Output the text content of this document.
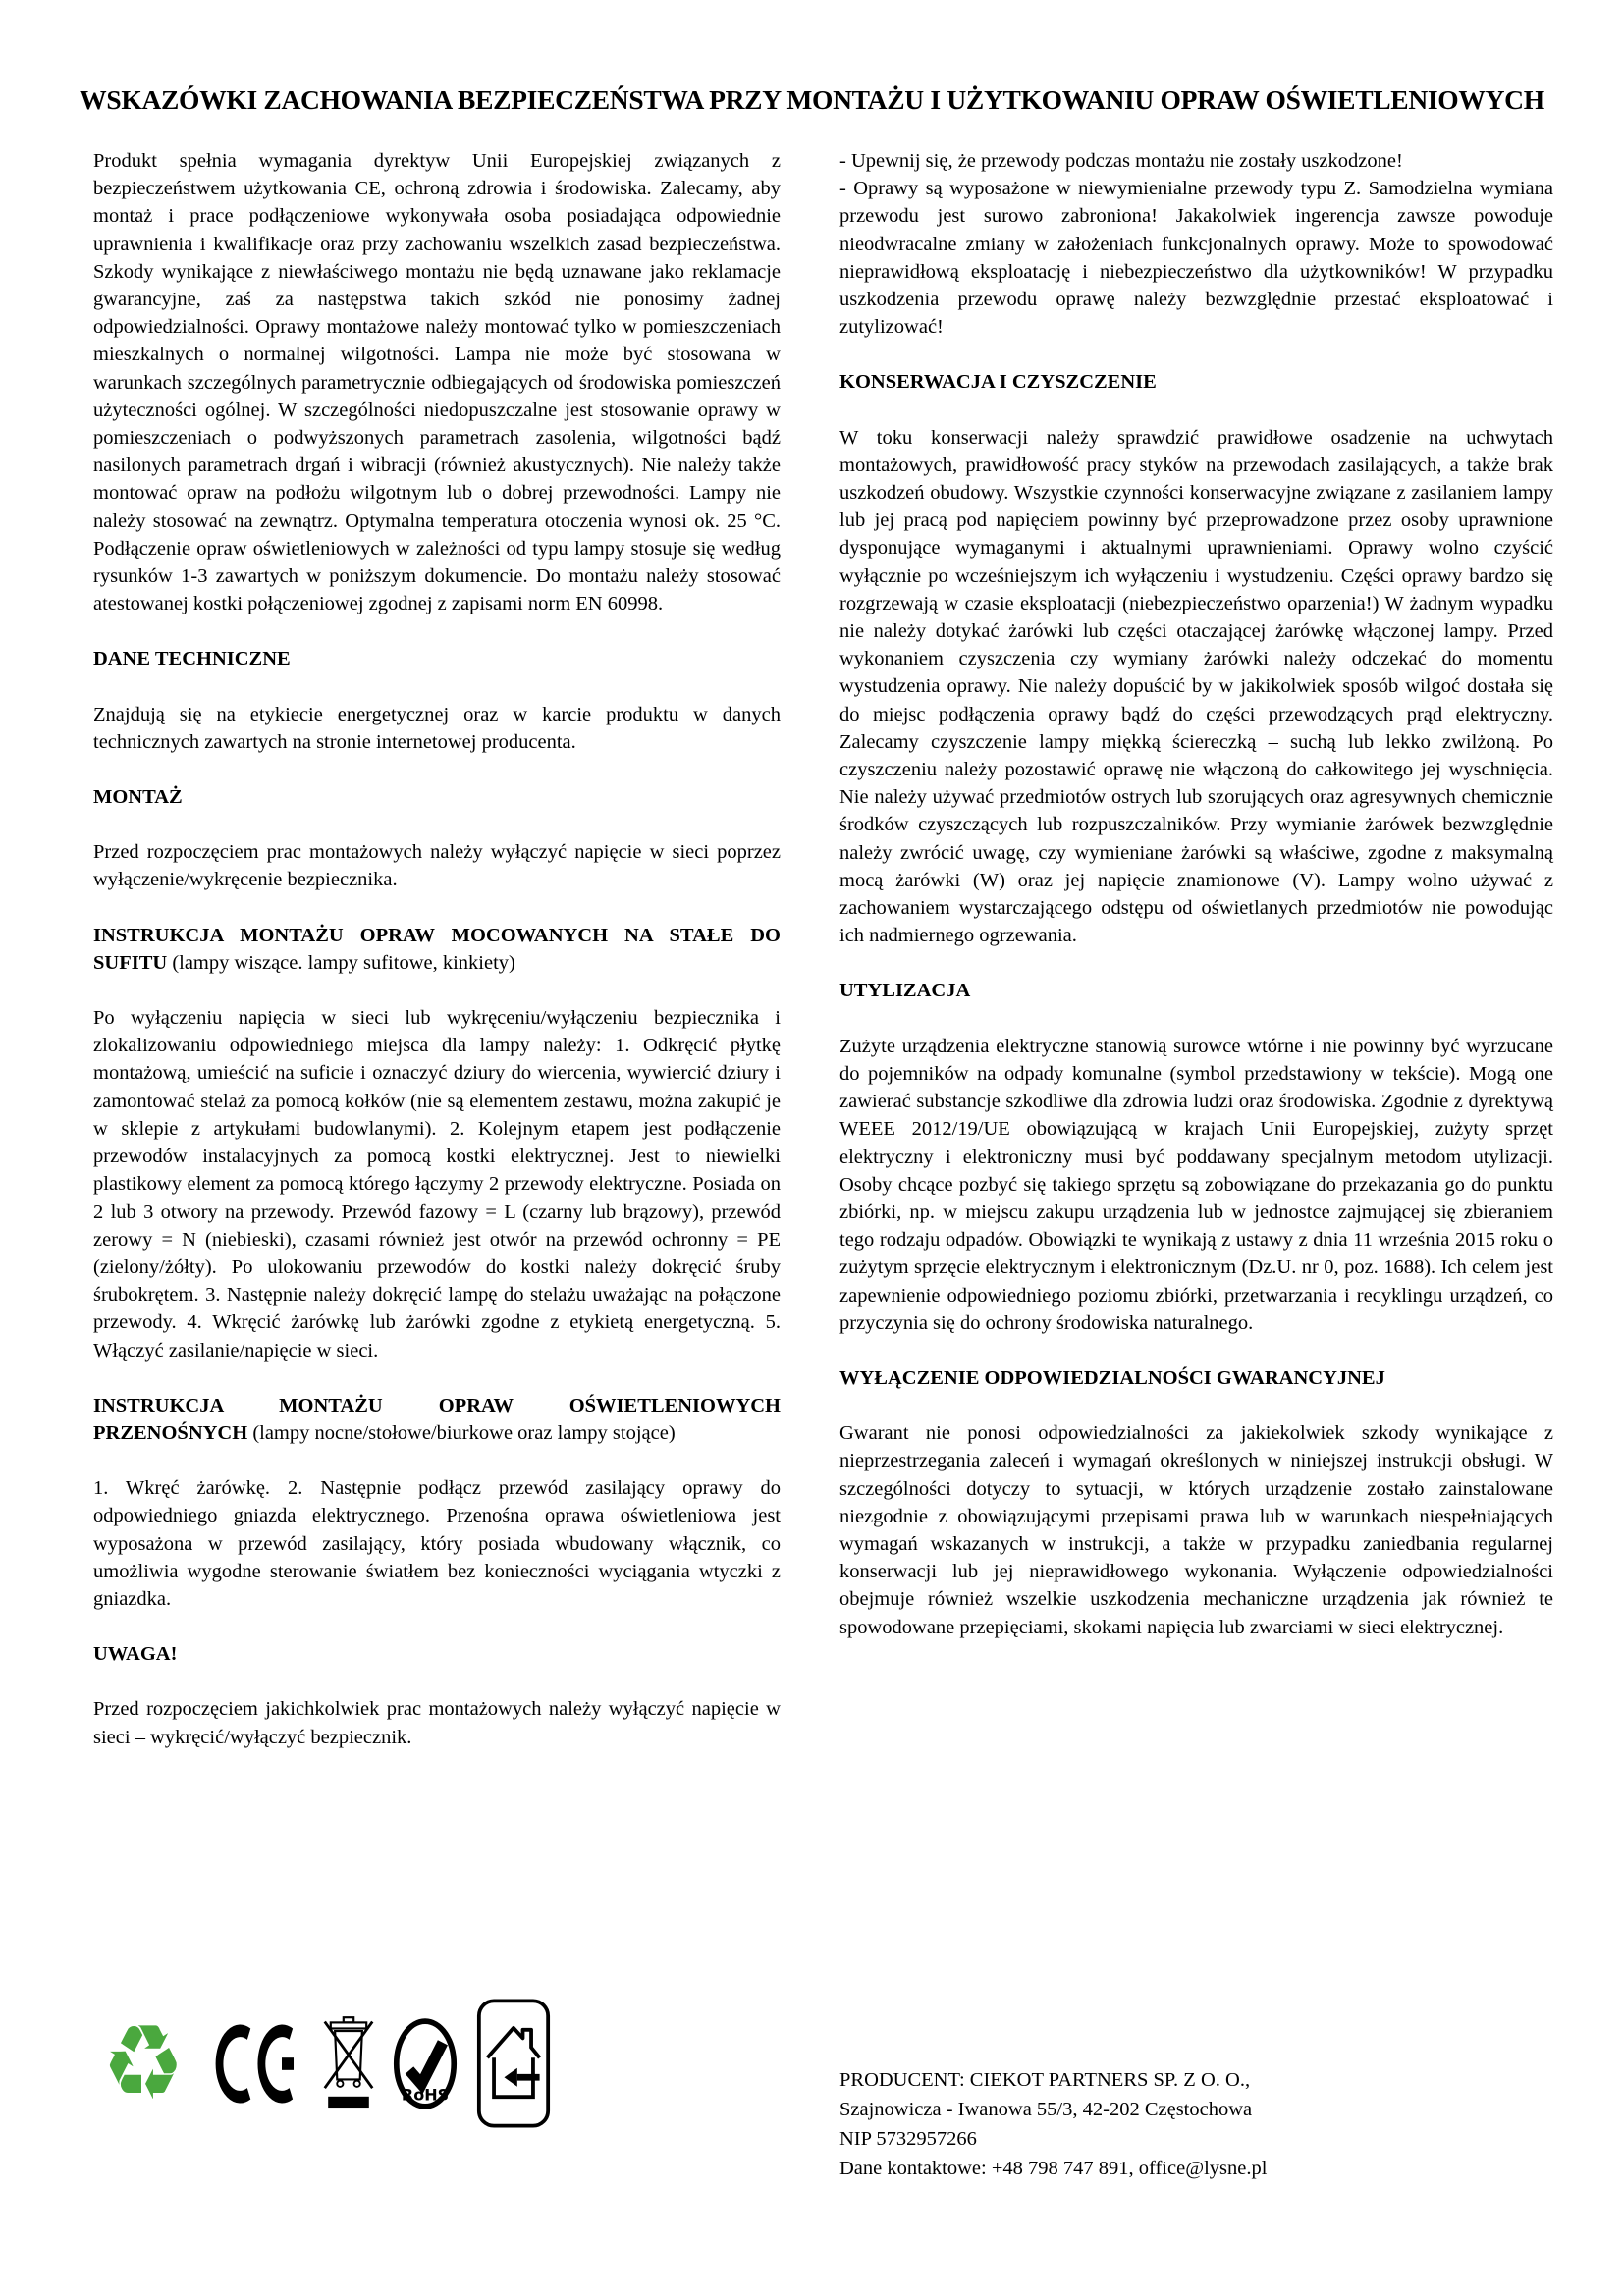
WSKAZÓWKI ZACHOWANIA BEZPIECZEŃSTWA PRZY MONTAŻU I UŻYTKOWANIU OPRAW OŚWIETLENIOWYCH

Produkt spełnia wymagania dyrektyw Unii Europejskiej związanych z bezpieczeństwem użytkowania CE, ochroną zdrowia i środowiska. Zalecamy, aby montaż i prace podłączeniowe wykonywała osoba posiadająca odpowiednie uprawnienia i kwalifikacje oraz przy zachowaniu wszelkich zasad bezpieczeństwa. Szkody wynikające z niewłaściwego montażu nie będą uznawane jako reklamacje gwarancyjne, zaś za następstwa takich szkód nie ponosimy żadnej odpowiedzialności. Oprawy montażowe należy montować tylko w pomieszczeniach mieszkalnych o normalnej wilgotności. Lampa nie może być stosowana w warunkach szczególnych parametrycznie odbiegających od środowiska pomieszczeń użyteczności ogólnej. W szczególności niedopuszczalne jest stosowanie oprawy w pomieszczeniach o podwyższonych parametrach zasolenia, wilgotności bądź nasilonych parametrach drgań i wibracji (również akustycznych). Nie należy także montować opraw na podłożu wilgotnym lub o dobrej przewodności. Lampy nie należy stosować na zewnątrz. Optymalna temperatura otoczenia wynosi ok. 25 °C. Podłączenie opraw oświetleniowych w zależności od typu lampy stosuje się według rysunków 1-3 zawartych w poniższym dokumencie. Do montażu należy stosować atestowanej kostki połączeniowej zgodnej z zapisami norm EN 60998.

DANE TECHNICZNE

Znajdują się na etykiecie energetycznej oraz w karcie produktu w danych technicznych zawartych na stronie internetowej producenta.

MONTAŻ

Przed rozpoczęciem prac montażowych należy wyłączyć napięcie w sieci poprzez wyłączenie/wykręcenie bezpiecznika.

INSTRUKCJA MONTAŻU OPRAW MOCOWANYCH NA STAŁE DO SUFITU (lampy wiszące. lampy sufitowe, kinkiety)

Po wyłączeniu napięcia w sieci lub wykręceniu/wyłączeniu bezpiecznika i zlokalizowaniu odpowiedniego miejsca dla lampy należy: 1. Odkręcić płytkę montażową, umieścić na suficie i oznaczyć dziury do wiercenia, wywiercić dziury i zamontować stelaż za pomocą kołków (nie są elementem zestawu, można zakupić je w sklepie z artykułami budowlanymi). 2. Kolejnym etapem jest podłączenie przewodów instalacyjnych za pomocą kostki elektrycznej. Jest to niewielki plastikowy element za pomocą którego łączymy 2 przewody elektryczne. Posiada on 2 lub 3 otwory na przewody. Przewód fazowy = L (czarny lub brązowy), przewód zerowy = N (niebieski), czasami również jest otwór na przewód ochronny = PE (zielony/żółty). Po ulokowaniu przewodów do kostki należy dokręcić śruby śrubokrętem. 3. Następnie należy dokręcić lampę do stelażu uważając na połączone przewody. 4. Wkręcić żarówkę lub żarówki zgodne z etykietą energetyczną. 5. Włączyć zasilanie/napięcie w sieci.

INSTRUKCJA MONTAŻU OPRAW OŚWIETLENIOWYCH PRZENOŚNYCH (lampy nocne/stołowe/biurkowe oraz lampy stojące)

1. Wkręć żarówkę. 2. Następnie podłącz przewód zasilający oprawy do odpowiedniego gniazda elektrycznego. Przenośna oprawa oświetleniowa jest wyposażona w przewód zasilający, który posiada wbudowany włącznik, co umożliwia wygodne sterowanie światłem bez konieczności wyciągania wtyczki z gniazdka.

UWAGA!

Przed rozpoczęciem jakichkolwiek prac montażowych należy wyłączyć napięcie w sieci – wykręcić/wyłączyć bezpiecznik.

- Upewnij się, że przewody podczas montażu nie zostały uszkodzone!

- Oprawy są wyposażone w niewymienialne przewody typu Z. Samodzielna wymiana przewodu jest surowo zabroniona! Jakakolwiek ingerencja zawsze powoduje nieodwracalne zmiany w założeniach funkcjonalnych oprawy. Może to spowodować nieprawidłową eksploatację i niebezpieczeństwo dla użytkowników! W przypadku uszkodzenia przewodu oprawę należy bezwzględnie przestać eksploatować i zutylizować!

KONSERWACJA I CZYSZCZENIE

W toku konserwacji należy sprawdzić prawidłowe osadzenie na uchwytach montażowych, prawidłowość pracy styków na przewodach zasilających, a także brak uszkodzeń obudowy. Wszystkie czynności konserwacyjne związane z zasilaniem lampy lub jej pracą pod napięciem powinny być przeprowadzone przez osoby uprawnione dysponujące wymaganymi i aktualnymi uprawnieniami. Oprawy wolno czyścić wyłącznie po wcześniejszym ich wyłączeniu i wystudzeniu. Części oprawy bardzo się rozgrzewają w czasie eksploatacji (niebezpieczeństwo oparzenia!) W żadnym wypadku nie należy dotykać żarówki lub części otaczającej żarówkę włączonej lampy. Przed wykonaniem czyszczenia czy wymiany żarówki należy odczekać do momentu wystudzenia oprawy. Nie należy dopuścić by w jakikolwiek sposób wilgoć dostała się do miejsc podłączenia oprawy bądź do części przewodzących prąd elektryczny. Zalecamy czyszczenie lampy miękką ściereczką – suchą lub lekko zwilżoną. Po czyszczeniu należy pozostawić oprawę nie włączoną do całkowitego jej wyschnięcia. Nie należy używać przedmiotów ostrych lub szorujących oraz agresywnych chemicznie środków czyszczących lub rozpuszczalników. Przy wymianie żarówek bezwzględnie należy zwrócić uwagę, czy wymieniane żarówki są właściwe, zgodne z maksymalną mocą żarówki (W) oraz jej napięcie znamionowe (V). Lampy wolno używać z zachowaniem wystarczającego odstępu od oświetlanych przedmiotów nie powodując ich nadmiernego ogrzewania.

UTYLIZACJA

Zużyte urządzenia elektryczne stanowią surowce wtórne i nie powinny być wyrzucane do pojemników na odpady komunalne (symbol przedstawiony w tekście). Mogą one zawierać substancje szkodliwe dla zdrowia ludzi oraz środowiska. Zgodnie z dyrektywą WEEE 2012/19/UE obowiązującą w krajach Unii Europejskiej, zużyty sprzęt elektryczny i elektroniczny musi być poddawany specjalnym metodom utylizacji. Osoby chcące pozbyć się takiego sprzętu są zobowiązane do przekazania go do punktu zbiórki, np. w miejscu zakupu urządzenia lub w jednostce zajmującej się zbieraniem tego rodzaju odpadów. Obowiązki te wynikają z ustawy z dnia 11 września 2015 roku o zużytym sprzęcie elektrycznym i elektronicznym (Dz.U. nr 0, poz. 1688). Ich celem jest zapewnienie odpowiedniego poziomu zbiórki, przetwarzania i recyklingu urządzeń, co przyczynia się do ochrony środowiska naturalnego.

WYŁĄCZENIE ODPOWIEDZIALNOŚCI GWARANCYJNEJ

Gwarant nie ponosi odpowiedzialności za jakiekolwiek szkody wynikające z nieprzestrzegania zaleceń i wymagań określonych w niniejszej instrukcji obsługi. W szczególności dotyczy to sytuacji, w których urządzenie zostało zainstalowane niezgodnie z obowiązującymi przepisami prawa lub w warunkach niespełniających wymagań wskazanych w instrukcji, a także w przypadku zaniedbania regularnej konserwacji lub jej nieprawidłowego wykonania. Wyłączenie odpowiedzialności obejmuje również wszelkie uszkodzenia mechaniczne urządzenia jak również te spowodowane przepięciami, skokami napięcia lub zwarciami w sieci elektrycznej.

♻	RoHS
PRODUCENT: CIEKOT PARTNERS SP. Z O. O.,
Szajnowicza - Iwanowa 55/3, 42-202 Częstochowa
NIP 5732957266
Dane kontaktowe: +48 798 747 891, office@lysne.pl
